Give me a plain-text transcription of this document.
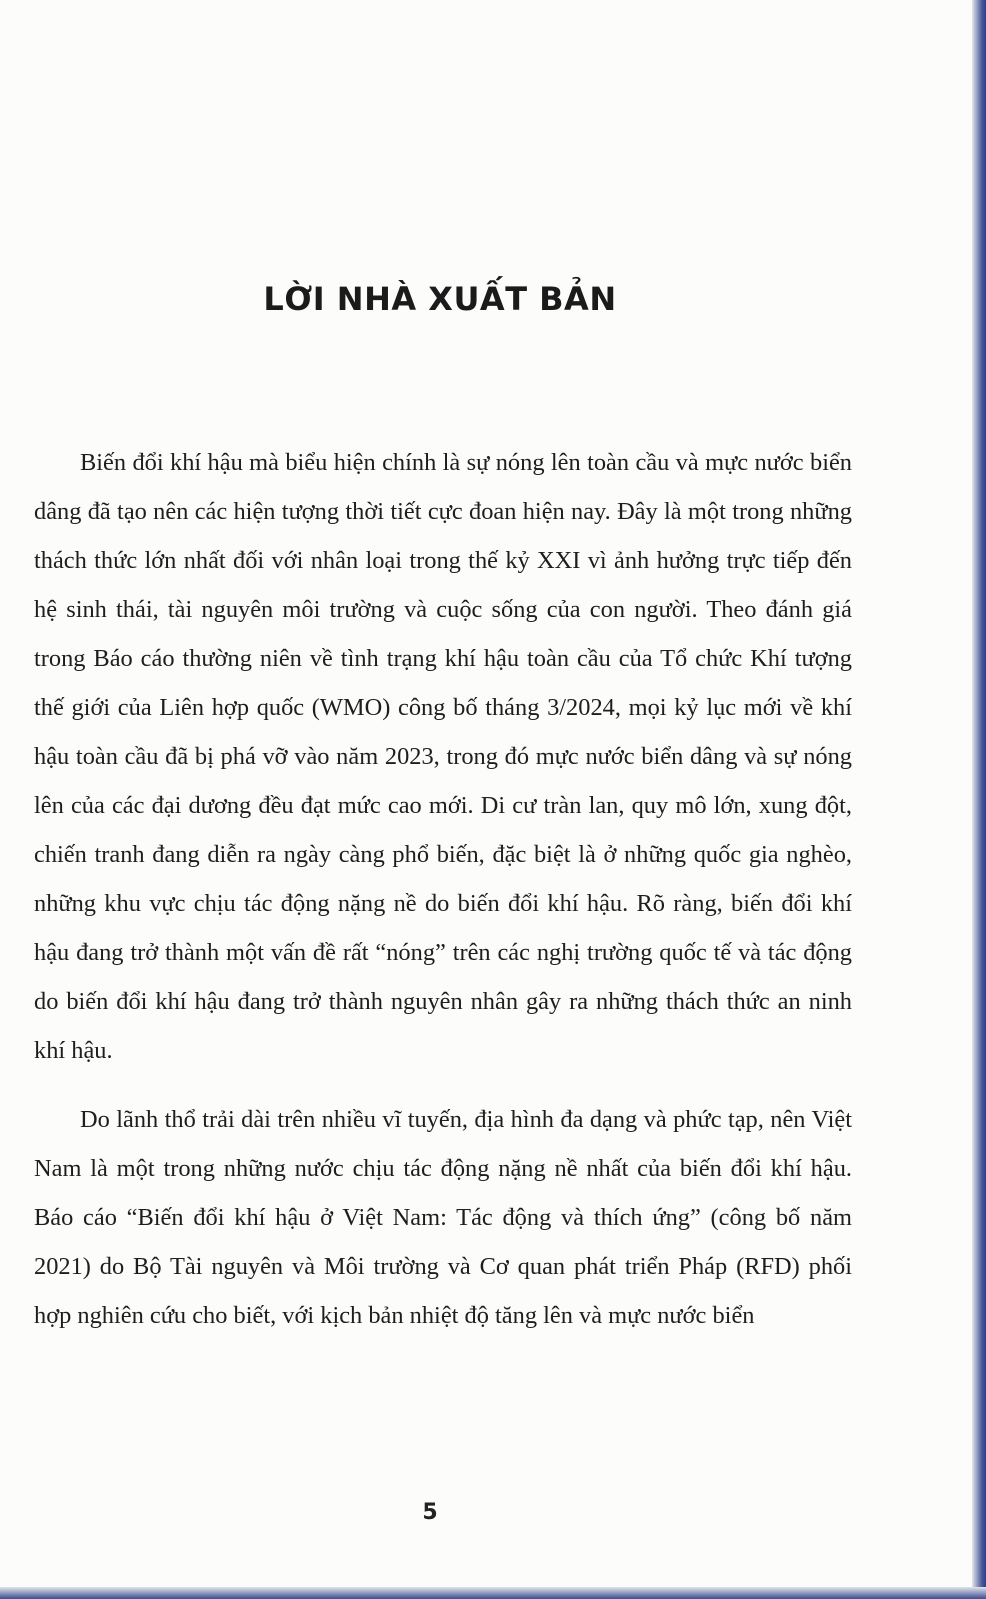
LỜI NHÀ XUẤT BẢN

Biến đổi khí hậu mà biểu hiện chính là sự nóng lên toàn cầu và mực nước biển dâng đã tạo nên các hiện tượng thời tiết cực đoan hiện nay. Đây là một trong những thách thức lớn nhất đối với nhân loại trong thế kỷ XXI vì ảnh hưởng trực tiếp đến hệ sinh thái, tài nguyên môi trường và cuộc sống của con người. Theo đánh giá trong Báo cáo thường niên về tình trạng khí hậu toàn cầu của Tổ chức Khí tượng thế giới của Liên hợp quốc (WMO) công bố tháng 3/2024, mọi kỷ lục mới về khí hậu toàn cầu đã bị phá vỡ vào năm 2023, trong đó mực nước biển dâng và sự nóng lên của các đại dương đều đạt mức cao mới. Di cư tràn lan, quy mô lớn, xung đột, chiến tranh đang diễn ra ngày càng phổ biến, đặc biệt là ở những quốc gia nghèo, những khu vực chịu tác động nặng nề do biến đổi khí hậu. Rõ ràng, biến đổi khí hậu đang trở thành một vấn đề rất “nóng” trên các nghị trường quốc tế và tác động do biến đổi khí hậu đang trở thành nguyên nhân gây ra những thách thức an ninh khí hậu.

Do lãnh thổ trải dài trên nhiều vĩ tuyến, địa hình đa dạng và phức tạp, nên Việt Nam là một trong những nước chịu tác động nặng nề nhất của biến đổi khí hậu. Báo cáo “Biến đổi khí hậu ở Việt Nam: Tác động và thích ứng” (công bố năm 2021) do Bộ Tài nguyên và Môi trường và Cơ quan phát triển Pháp (RFD) phối hợp nghiên cứu cho biết, với kịch bản nhiệt độ tăng lên và mực nước biển

5
